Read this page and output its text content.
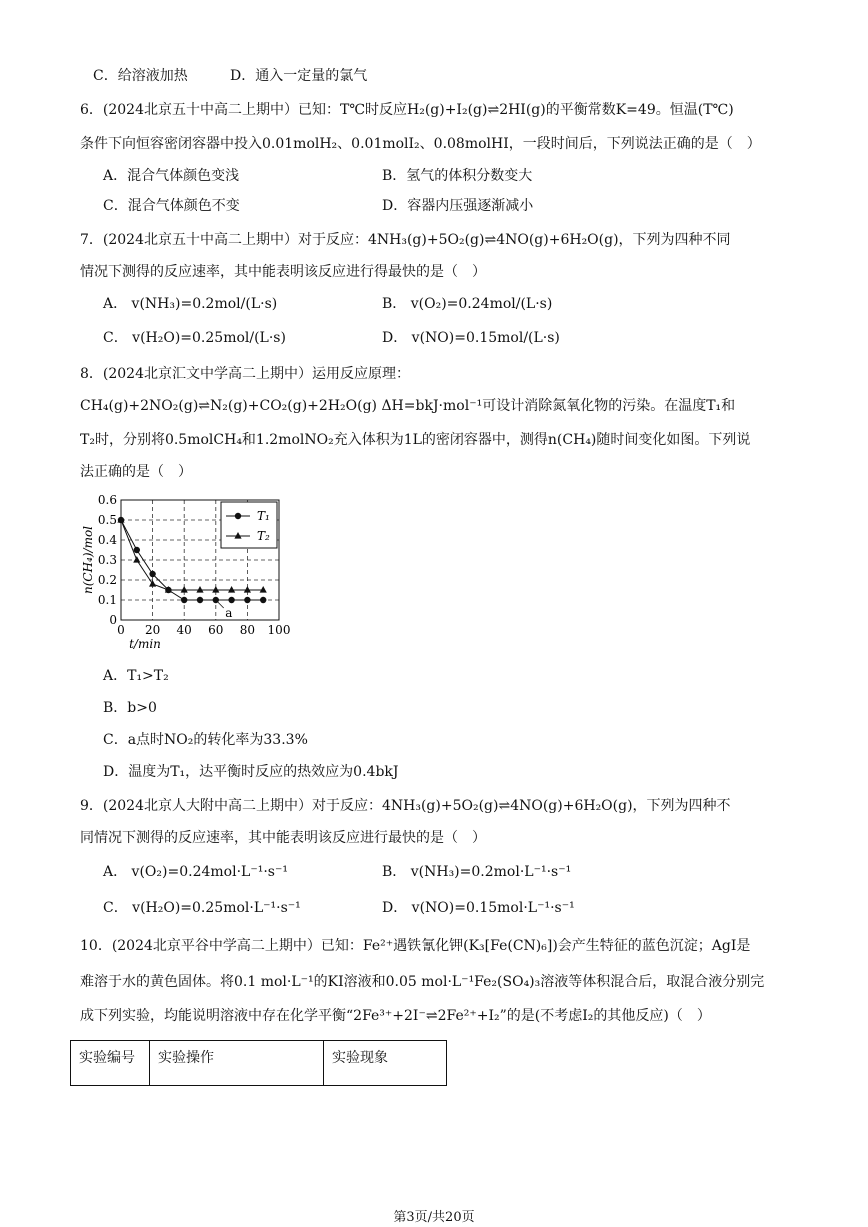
C．给溶液加热	D．通入一定量的氯气
6．(2024北京五十中高二上期中）已知：T℃时反应H₂(g)+I₂(g)⇌2HI(g)的平衡常数K=49。恒温(T℃)
条件下向恒容密闭容器中投入0.01molH₂、0.01molI₂、0.08molHI，一段时间后，下列说法正确的是（　）
A．混合气体颜色变浅	B．氢气的体积分数变大
C．混合气体颜色不变	D．容器内压强逐渐减小
7．(2024北京五十中高二上期中）对于反应：4NH₃(g)+5O₂(g)⇌4NO(g)+6H₂O(g)，下列为四种不同
情况下测得的反应速率，其中能表明该反应进行得最快的是（　）
A． v(NH₃)=0.2mol/(L·s)	B． v(O₂)=0.24mol/(L·s)
C． v(H₂O)=0.25mol/(L·s)	D． v(NO)=0.15mol/(L·s)
8．(2024北京汇文中学高二上期中）运用反应原理：
CH₄(g)+2NO₂(g)⇌N₂(g)+CO₂(g)+2H₂O(g) ΔH=bkJ·mol⁻¹可设计消除氮氧化物的污染。在温度T₁和
T₂时，分别将0.5molCH₄和1.2molNO₂充入体积为1L的密闭容器中，测得n(CH₄)随时间变化如图。下列说
法正确的是（　）
0
0.1
0.2
0.3
0.4
0.5
0.6
0 20 40 60 80 100
t/min
n(CH₄)/mol
a
T₁
T₂
A．T₁>T₂
B．b>0
C．a点时NO₂的转化率为33.3%
D．温度为T₁，达平衡时反应的热效应为0.4bkJ
9．(2024北京人大附中高二上期中）对于反应：4NH₃(g)+5O₂(g)⇌4NO(g)+6H₂O(g)，下列为四种不
同情况下测得的反应速率，其中能表明该反应进行最快的是（　）
A． v(O₂)=0.24mol·L⁻¹·s⁻¹	B． v(NH₃)=0.2mol·L⁻¹·s⁻¹
C． v(H₂O)=0.25mol·L⁻¹·s⁻¹	D． v(NO)=0.15mol·L⁻¹·s⁻¹
10．(2024北京平谷中学高二上期中）已知：Fe²⁺遇铁氰化钾(K₃[Fe(CN)₆])会产生特征的蓝色沉淀；AgI是
难溶于水的黄色固体。将0.1 mol·L⁻¹的KI溶液和0.05 mol·L⁻¹Fe₂(SO₄)₃溶液等体积混合后，取混合液分别完
成下列实验，均能说明溶液中存在化学平衡“2Fe³⁺+2I⁻⇌2Fe²⁺+I₂”的是(不考虑I₂的其他反应)（　）
实验编号	实验操作	实验现象
第3页/共20页
